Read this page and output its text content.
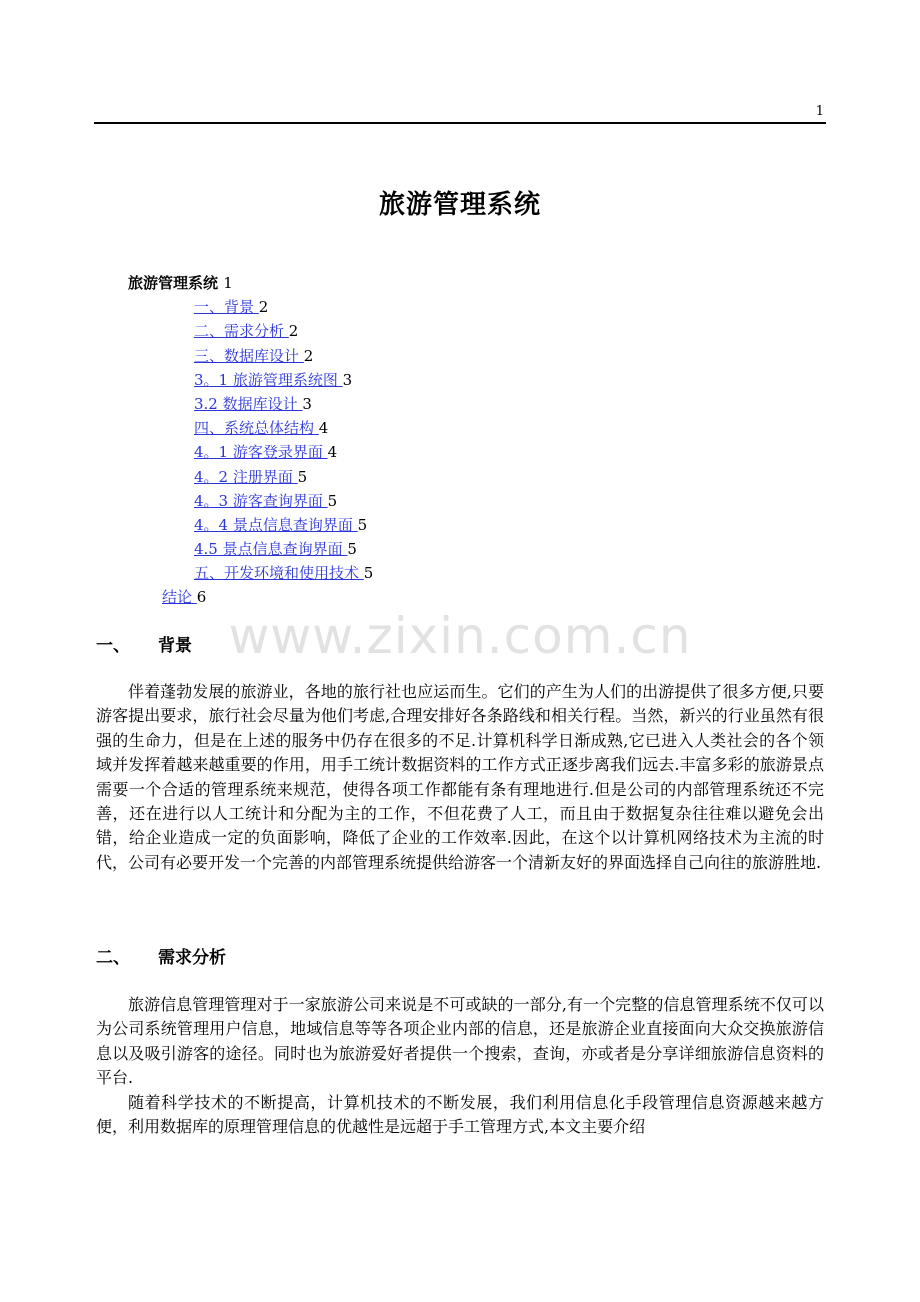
1
旅游管理系统
旅游管理系统 1
一、背景 2
二、需求分析 2
三、数据库设计 2
3。1 旅游管理系统图 3
3.2 数据库设计 3
四、系统总体结构 4
4。1 游客登录界面 4
4。2 注册界面 5
4。3 游客查询界面 5
4。4 景点信息查询界面 5
4.5 景点信息查询界面 5
五、开发环境和使用技术 5
结论 6
www.zixin.com.cn
一、 背景
伴着蓬勃发展的旅游业，各地的旅行社也应运而生。它们的产生为人们的出游提供了很多方便,只要游客提出要求，旅行社会尽量为他们考虑,合理安排好各条路线和相关行程。当然，新兴的行业虽然有很强的生命力，但是在上述的服务中仍存在很多的不足.计算机科学日渐成熟,它已进入人类社会的各个领域并发挥着越来越重要的作用，用手工统计数据资料的工作方式正逐步离我们远去.丰富多彩的旅游景点需要一个合适的管理系统来规范，使得各项工作都能有条有理地进行.但是公司的内部管理系统还不完善，还在进行以人工统计和分配为主的工作，不但花费了人工，而且由于数据复杂往往难以避免会出错，给企业造成一定的负面影响，降低了企业的工作效率.因此，在这个以计算机网络技术为主流的时代，公司有必要开发一个完善的内部管理系统提供给游客一个清新友好的界面选择自己向往的旅游胜地.
二、 需求分析
旅游信息管理管理对于一家旅游公司来说是不可或缺的一部分,有一个完整的信息管理系统不仅可以为公司系统管理用户信息，地域信息等等各项企业内部的信息，还是旅游企业直接面向大众交换旅游信息以及吸引游客的途径。同时也为旅游爱好者提供一个搜索，查询，亦或者是分享详细旅游信息资料的平台.
随着科学技术的不断提高，计算机技术的不断发展，我们利用信息化手段管理信息资源越来越方便，利用数据库的原理管理信息的优越性是远超于手工管理方式,本文主要介绍
